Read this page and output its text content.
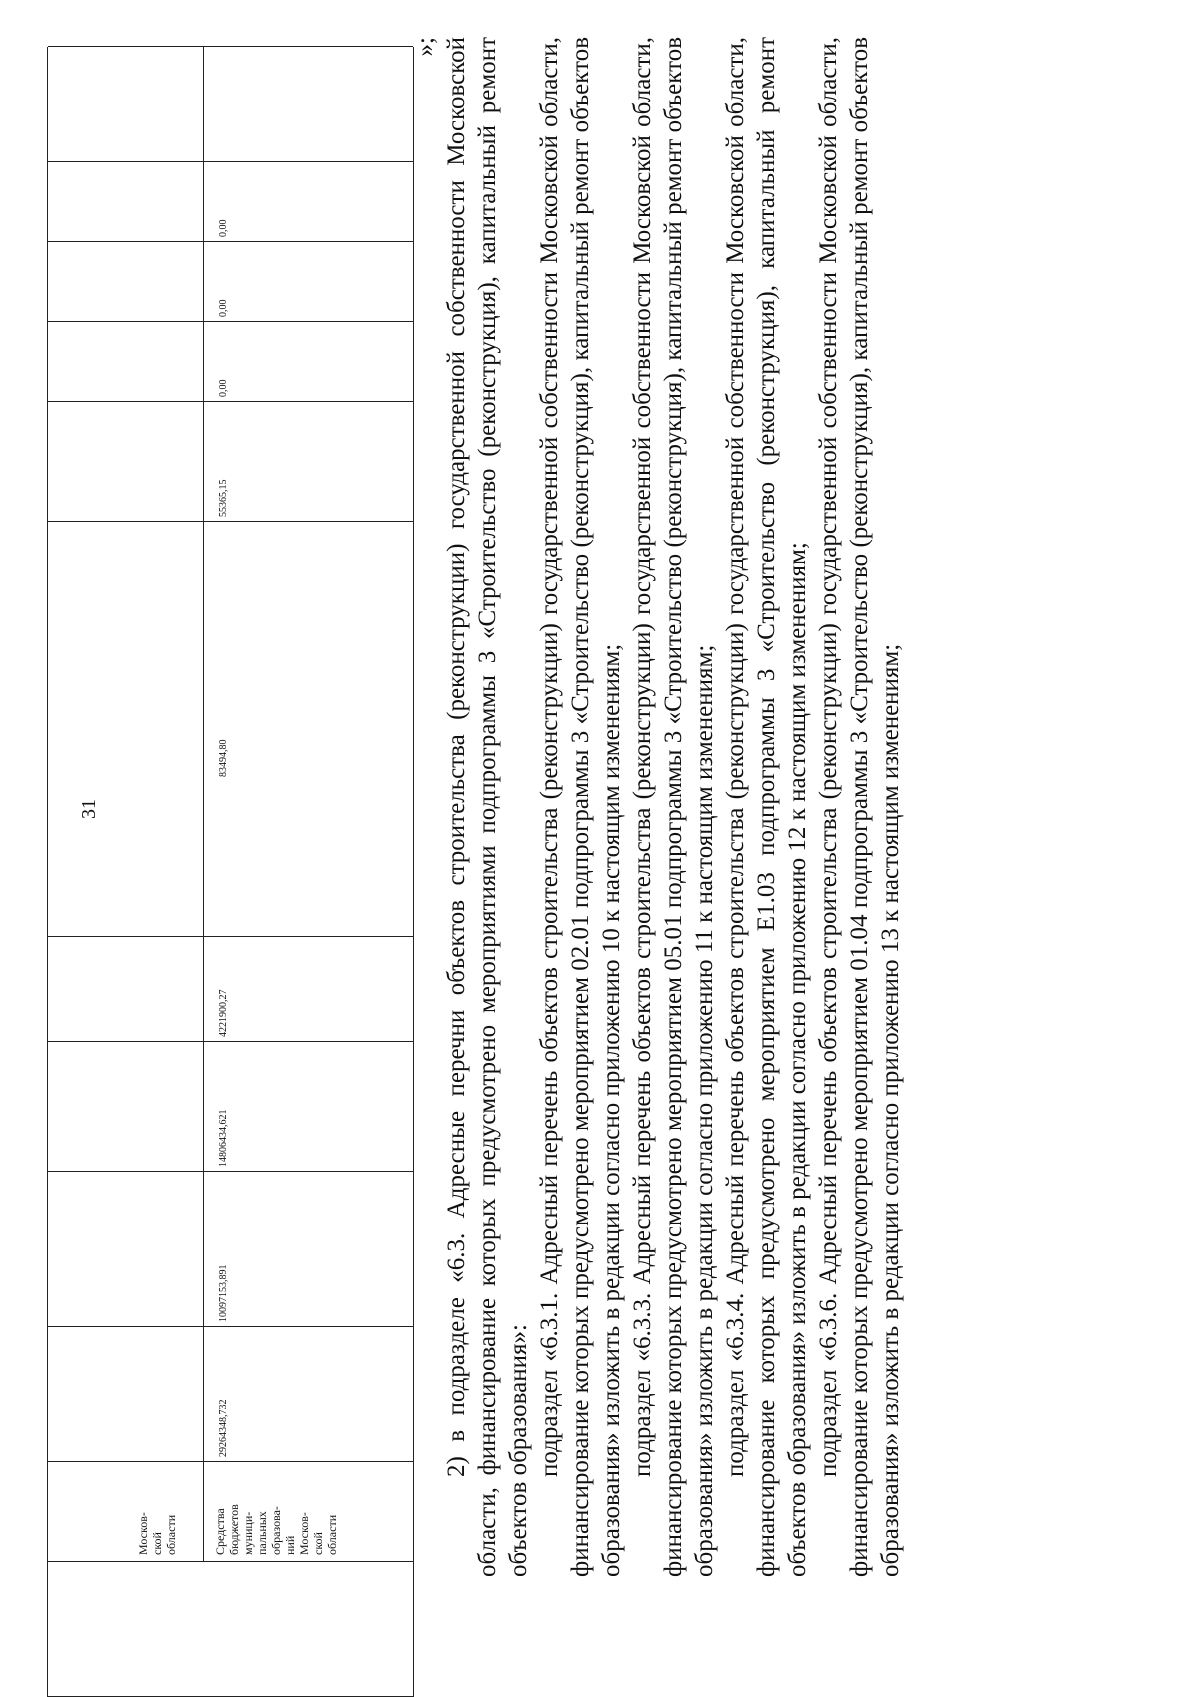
31
Москов-
ской
области	Средства
бюджетов
муници-
пальных
образова-
ний
Москов-
ской
области
29264348,732
10097153,891
14806434,621
4221900,27
83494,80
55365,15
0,00
0,00
0,00

»; 2) в подразделе «6.3. Адресные перечни объектов строительства (реконструкции) государственной собственности Московской области, финансирование которых предусмотрено мероприятиями подпрограммы 3 «Строительство (реконструкция), капитальный ремонт объектов образования»: подраздел «6.3.1. Адресный перечень объектов строительства (реконструкции) государственной собственности Московской области, финансирование которых предусмотрено мероприятием 02.01 подпрограммы 3 «Строительство (реконструкция), капитальный ремонт объектов образования» изложить в редакции согласно приложению 10 к настоящим изменениям; подраздел «6.3.3. Адресный перечень объектов строительства (реконструкции) государственной собственности Московской области, финансирование которых предусмотрено мероприятием 05.01 подпрограммы 3 «Строительство (реконструкция), капитальный ремонт объектов образования» изложить в редакции согласно приложению 11 к настоящим изменениям; подраздел «6.3.4. Адресный перечень объектов строительства (реконструкции) государственной собственности Московской области, финансирование которых предусмотрено мероприятием Е1.03 подпрограммы 3 «Строительство (реконструкция), капитальный ремонт объектов образования» изложить в редакции согласно приложению 12 к настоящим изменениям; подраздел «6.3.6. Адресный перечень объектов строительства (реконструкции) государственной собственности Московской области, финансирование которых предусмотрено мероприятием 01.04 подпрограммы 3 «Строительство (реконструкция), капитальный ремонт объектов образования» изложить в редакции согласно приложению 13 к настоящим изменениям;
